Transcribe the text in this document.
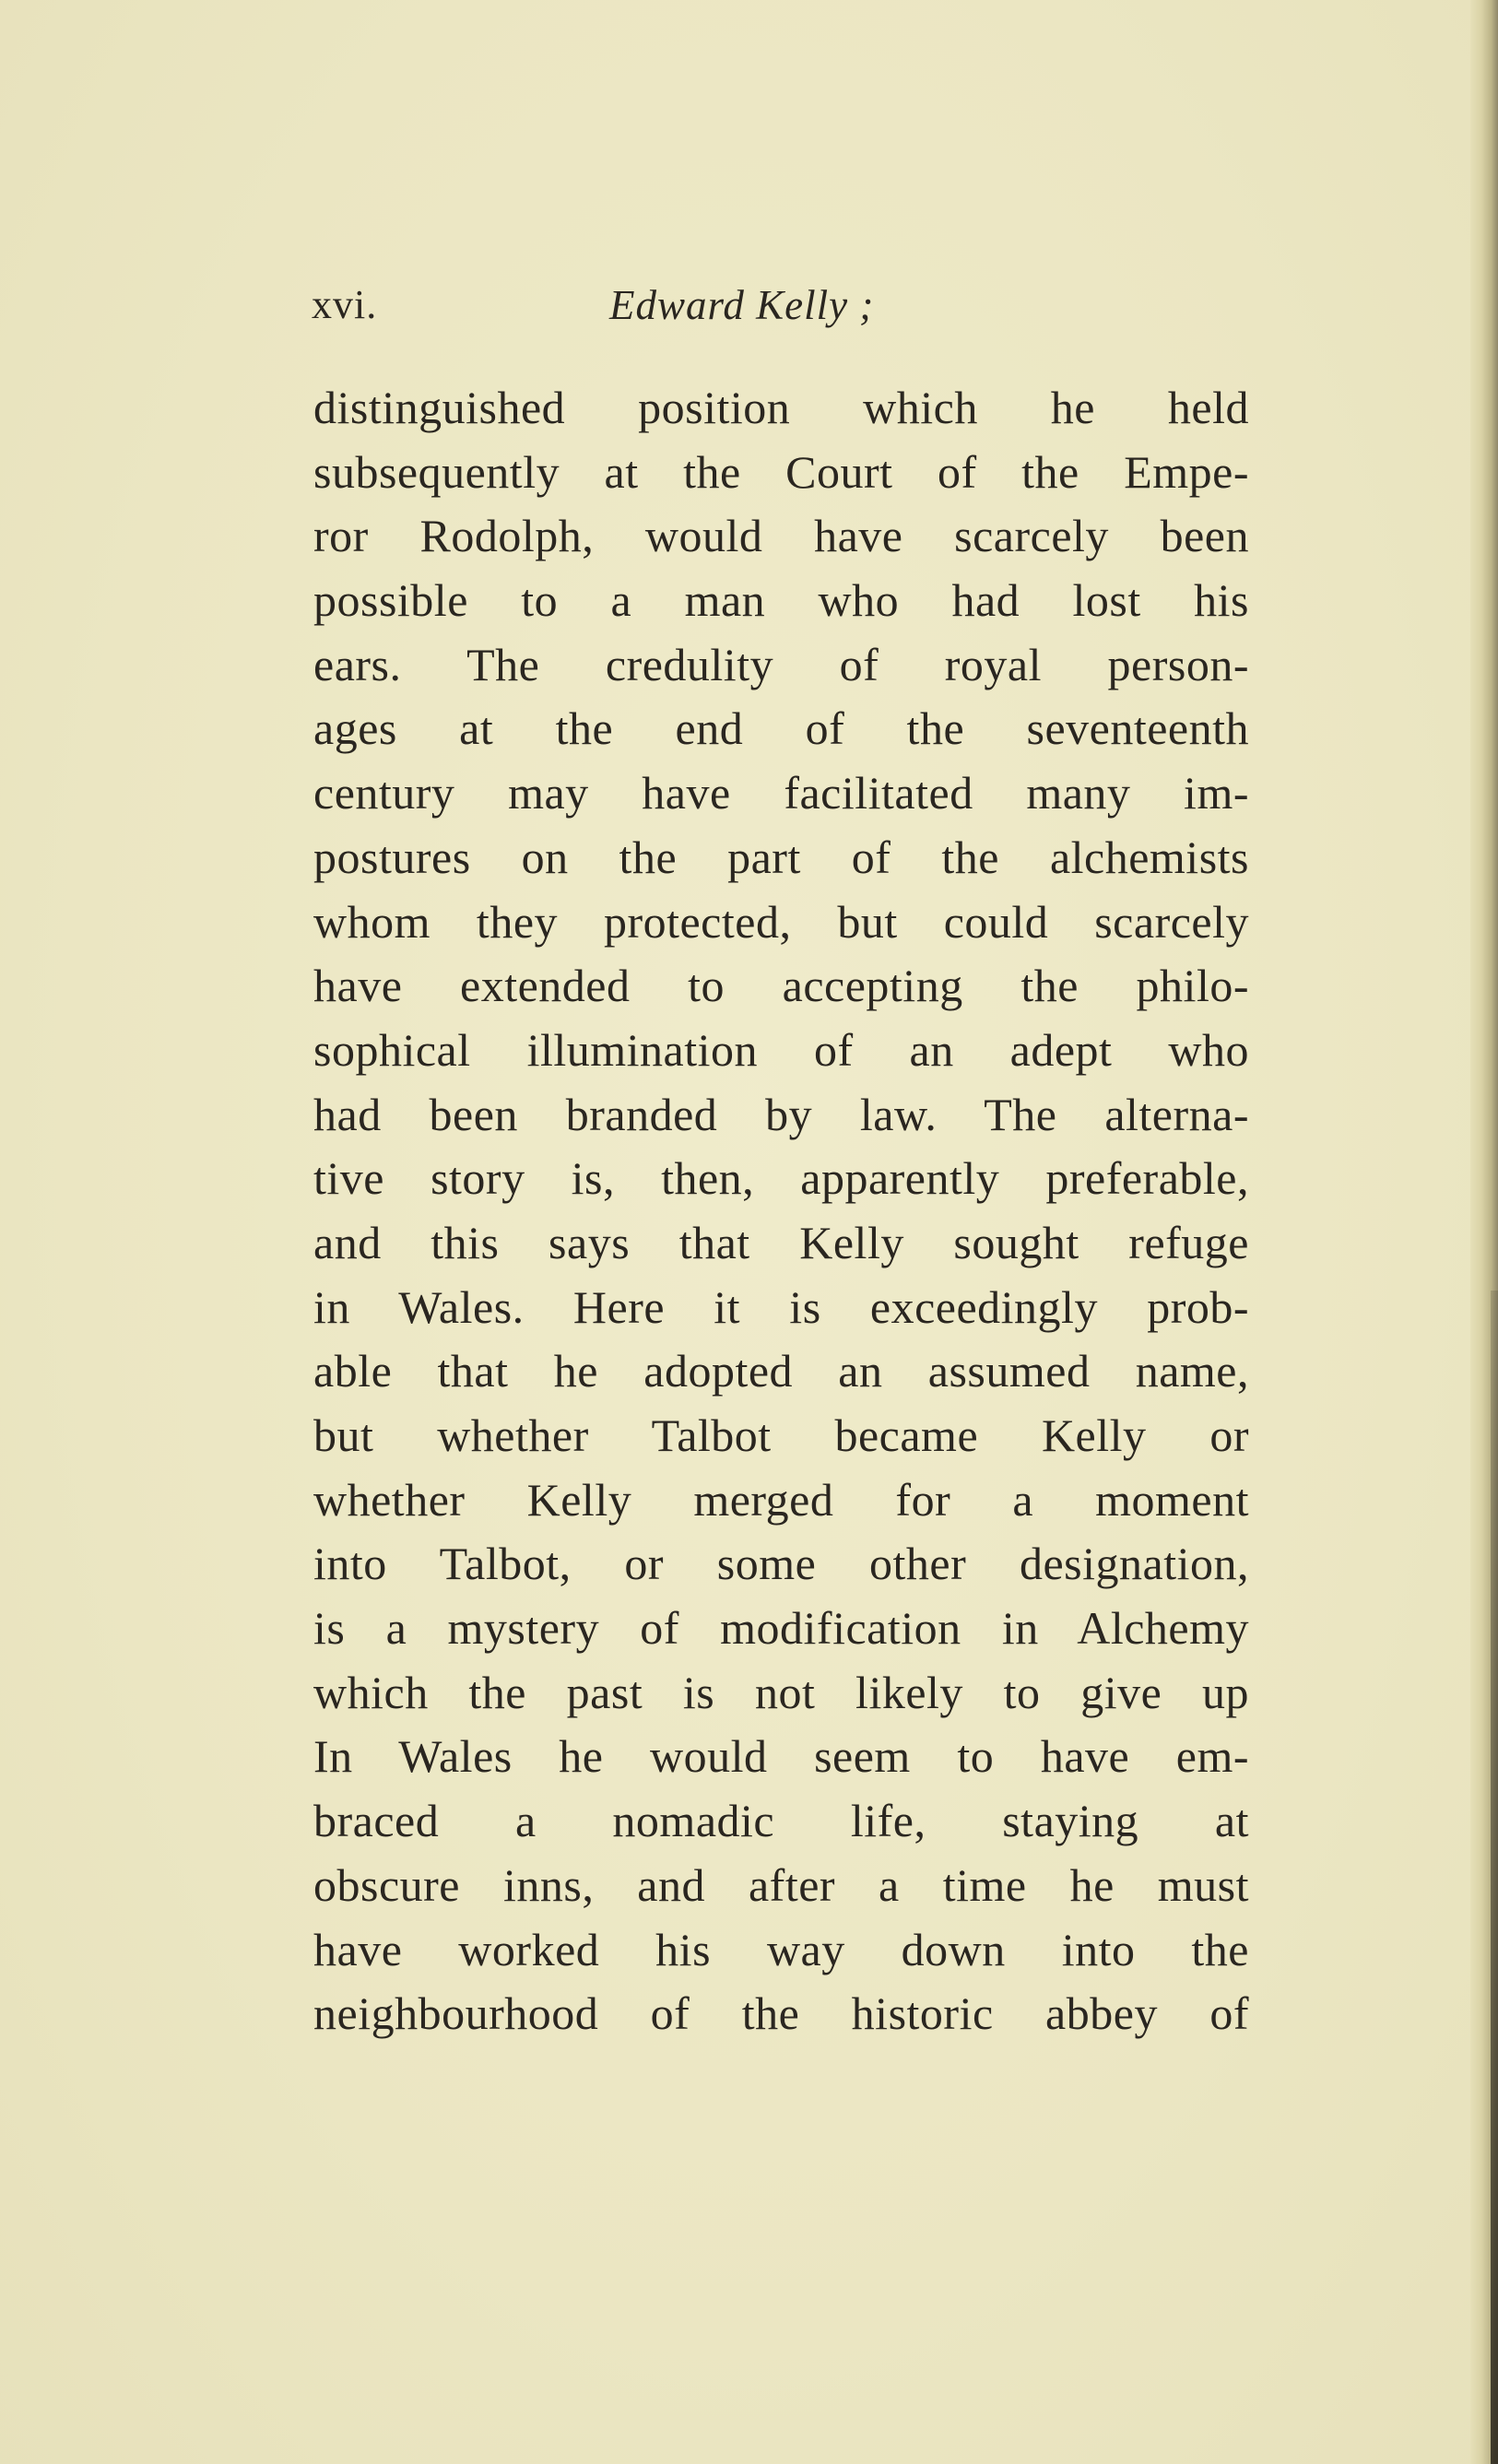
xvi.	Edward Kelly ;
distinguished position which he held
subsequently at the Court of the Empe-
ror Rodolph, would have scarcely been
possible to a man who had lost his
ears. The credulity of royal person-
ages at the end of the seventeenth
century may have facilitated many im-
postures on the part of the alchemists
whom they protected, but could scarcely
have extended to accepting the philo-
sophical illumination of an adept who
had been branded by law. The alterna-
tive story is, then, apparently preferable,
and this says that Kelly sought refuge
in Wales. Here it is exceedingly prob-
able that he adopted an assumed name,
but whether Talbot became Kelly or
whether Kelly merged for a moment
into Talbot, or some other designation,
is a mystery of modification in Alchemy
which the past is not likely to give up
In Wales he would seem to have em-
braced a nomadic life, staying at
obscure inns, and after a time he must
have worked his way down into the
neighbourhood of the historic abbey of
